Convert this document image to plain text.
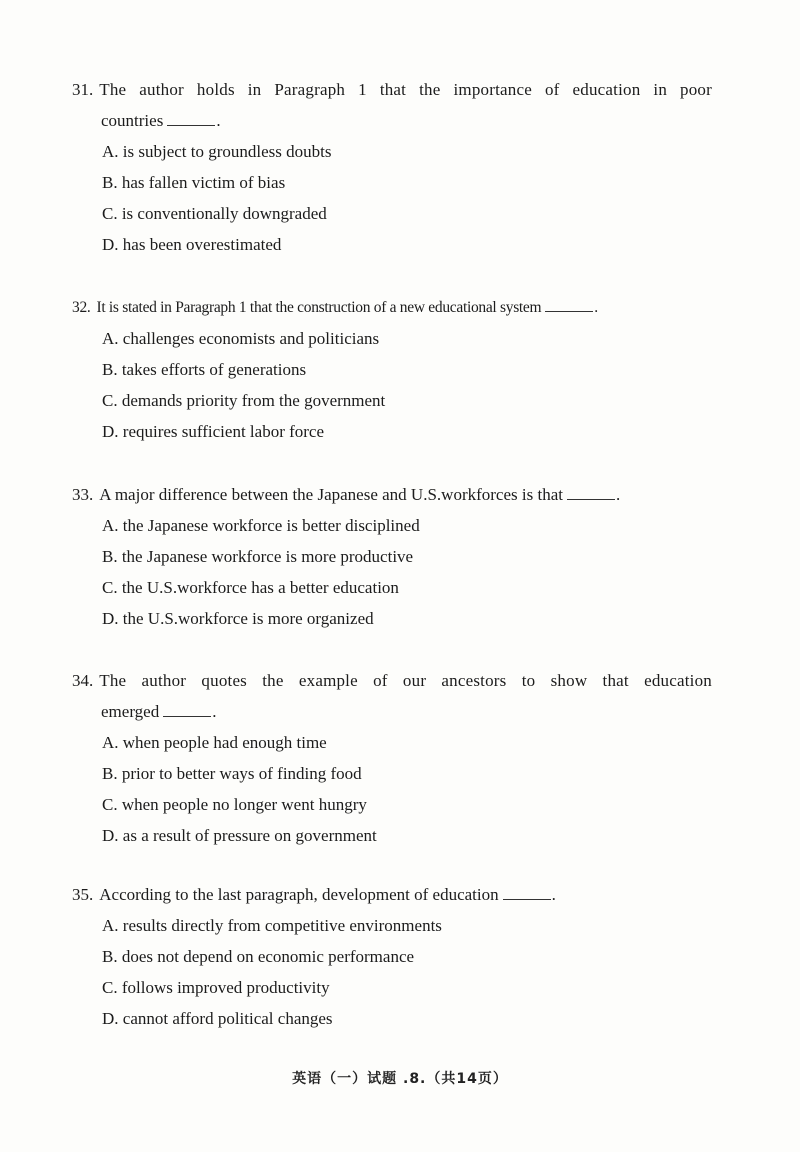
31. The author holds in Paragraph 1 that the importance of education in poor
countries	.
A. is subject to groundless doubts
B. has fallen victim of bias
C. is conventionally downgraded
D. has been overestimated
32. It is stated in Paragraph 1 that the construction of a new educational system	.
A. challenges economists and politicians
B. takes efforts of generations
C. demands priority from the government
D. requires sufficient labor force
33. A major difference between the Japanese and U.S.workforces is that	.
A. the Japanese workforce is better disciplined
B. the Japanese workforce is more productive
C. the U.S.workforce has a better education
D. the U.S.workforce is more organized
34. The author quotes the example of our ancestors to show that education
emerged	.
A. when people had enough time
B. prior to better ways of finding food
C. when people no longer went hungry
D. as a result of pressure on government
35. According to the last paragraph, development of education	.
A. results directly from competitive environments
B. does not depend on economic performance
C. follows improved productivity
D. cannot afford political changes
英语（一）试题 .8.（共14页）
